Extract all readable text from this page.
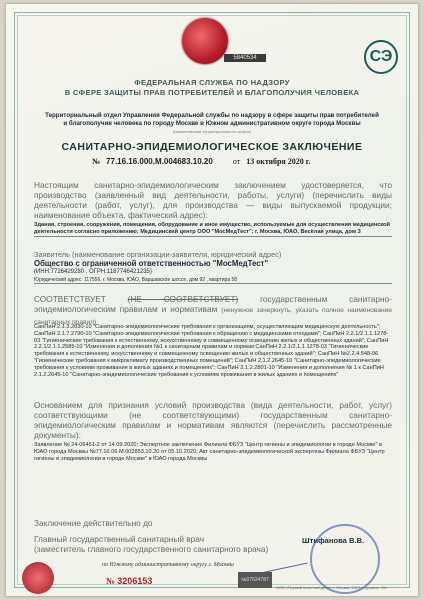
5840534	СЭ
ФЕДЕРАЛЬНАЯ СЛУЖБА ПО НАДЗОРУ
В СФЕРЕ ЗАЩИТЫ ПРАВ ПОТРЕБИТЕЛЕЙ И БЛАГОПОЛУЧИЯ ЧЕЛОВЕКА
Территориальный отдел Управления Федеральной службы по надзору в сфере защиты прав потребителей
и благополучия человека по городу Москве в Южном административном округе города Москвы
(наименование территориального органа)
САНИТАРНО-ЭПИДЕМИОЛОГИЧЕСКОЕ ЗАКЛЮЧЕНИЕ
№ 77.16.16.000.М.004683.10.20	от 13 октября 2020 г.
Настоящим санитарно-эпидемиологическим заключением удостоверяется, что производство (заявленный вид деятельности, работы, услуги) (перечислить виды деятельности (работ, услуг), для производства — виды выпускаемой продукции; наименование объекта, фактический адрес):
Здания, строения, сооружения, помещения, оборудование и иное имущество, используемые для осуществления медицинской деятельности согласно приложению; Медицинский центр ООО "МосМедТест"; г. Москва, ЮАО, Весёлая улица, дом 3
Заявитель (наименование организации-заявителя, юридический адрес)
Общество с ограниченной ответственностью "МосМедТест"
(ИНН:7726429280 , ОГРН:1187746421235)
Юридический адрес: 117556, г. Москва, ЮАО, Варшавское шоссе, дом 92 , квартира 58
СООТВЕТСТВУЕТ	(НЕ СООТВЕТСТВУЕТ)	государственным санитарно-эпидемиологическим правилам и нормативам (ненужное зачеркнуть, указать полное наименование санитарных правил)
СанПиН 2.1.3.2630-10 "Санитарно-эпидемиологические требования к организациям, осуществляющим медицинскую деятельность"; СанПиН 2.1.7.2790-10 "Санитарно-эпидемиологические требования к обращению с медицинскими отходами"; СанПиН 2.2.1/2.1.1.1278-03 "Гигиенические требования к естественному, искусственному и совмещенному освещению жилых и общественных зданий"; СанПиН 2.2.1/2.1.1.2585-10 "Изменения и дополнения №1 к санитарным правилам и нормам СанПиН 2.2.1/2.1.1.1278-03 "Гигиенические требования к естественному, искусственному и совмещенному освещению жилых и общественных зданий"; СанПиН №2.2.4.548-96 "Гигиенические требования к микроклимату производственных помещений"; СанПиН 2.1.2.2645-10 "Санитарно-эпидемиологические требования к условиям проживания в жилых зданиях и помещениях"; СанПиН 2.1.2.2801-10 "Изменения и дополнения № 1 к СанПиН 2.1.2.2645-10 "Санитарно-эпидемиологические требования к условиям проживания в жилых зданиях и помещениях"
Основанием для признания условий производства (вида деятельности, работ, услуг) соответствующими (не соответствующими) государственным санитарно-эпидемиологическим правилам и нормативам являются (перечислить рассмотренные документы):
Заявление № 24-06451-2 от 14.09.2020; Экспертное заключение Филиала ФБУЗ "Центр гигиены и эпидемиологии в городе Москве" в ЮАО города Москвы №77.16.06.М.002853.10.20 от 05.10.2020; Акт санитарно-эпидемиологической экспертизы Филиала ФБУЗ "Центр гигиены и эпидемиологии в городе Москве" в ЮАО города Москвы
Заключение действительно до
Главный государственный санитарный врач
(заместитель главного государственного санитарного врача)
по Южному административному округу г. Москвы
Штифанова В.В.
№ 3206153	№07624787
ООО «Первый печатный двор», г. Москва, 2019 г., уровень «В»
